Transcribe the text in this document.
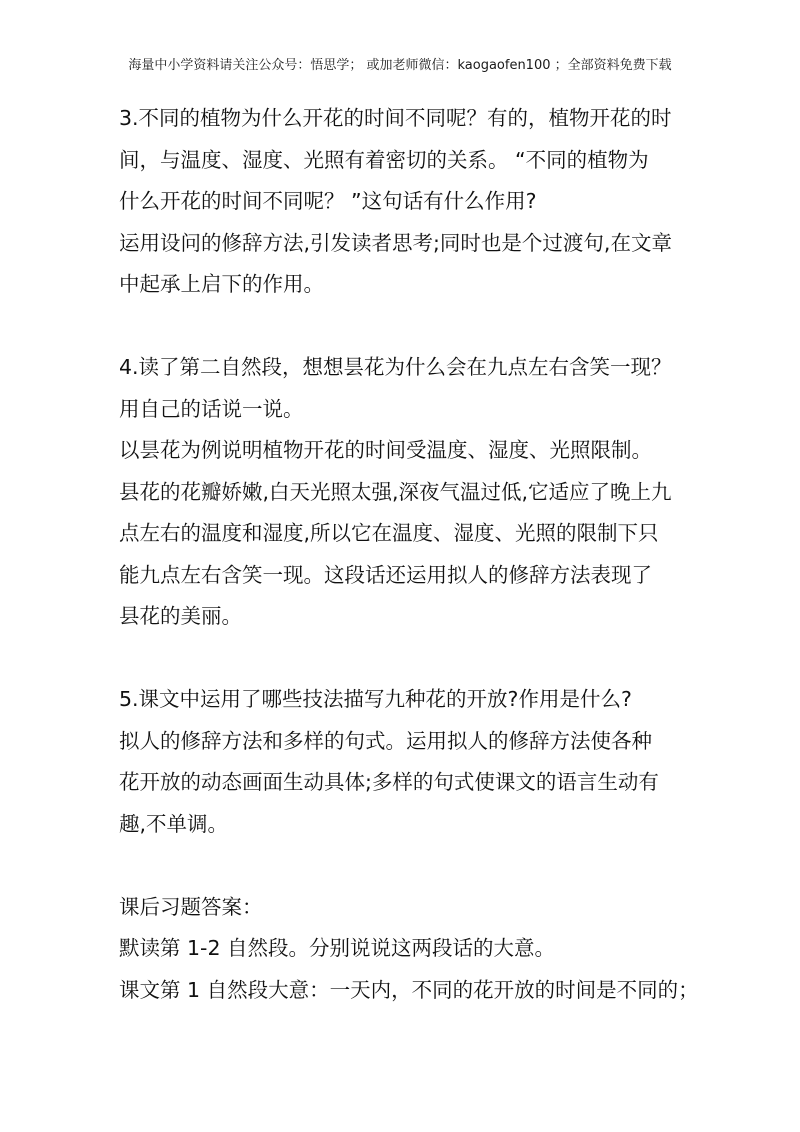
海量中小学资料请关注公众号：悟思学； 或加老师微信：kaogaofen100 ；全部资料免费下载
3.不同的植物为什么开花的时间不同呢？有的，植物开花的时
间，与温度、湿度、光照有着密切的关系。 “不同的植物为
什么开花的时间不同呢？ ”这句话有什么作用?
运用设问的修辞方法,引发读者思考;同时也是个过渡句,在文章
中起承上启下的作用。
4.读了第二自然段，想想昙花为什么会在九点左右含笑一现？
用自己的话说一说。
以昙花为例说明植物开花的时间受温度、湿度、光照限制。
县花的花瓣娇嫩,白天光照太强,深夜气温过低,它适应了晚上九
点左右的温度和湿度,所以它在温度、湿度、光照的限制下只
能九点左右含笑一现。这段话还运用拟人的修辞方法表现了
县花的美丽。
5.课文中运用了哪些技法描写九种花的开放?作用是什么?
拟人的修辞方法和多样的句式。运用拟人的修辞方法使各种
花开放的动态画面生动具体;多样的句式使课文的语言生动有
趣,不单调。
课后习题答案：
默读第 1-2 自然段。分别说说这两段话的大意。
课文第 1 自然段大意：一天内，不同的花开放的时间是不同的；
